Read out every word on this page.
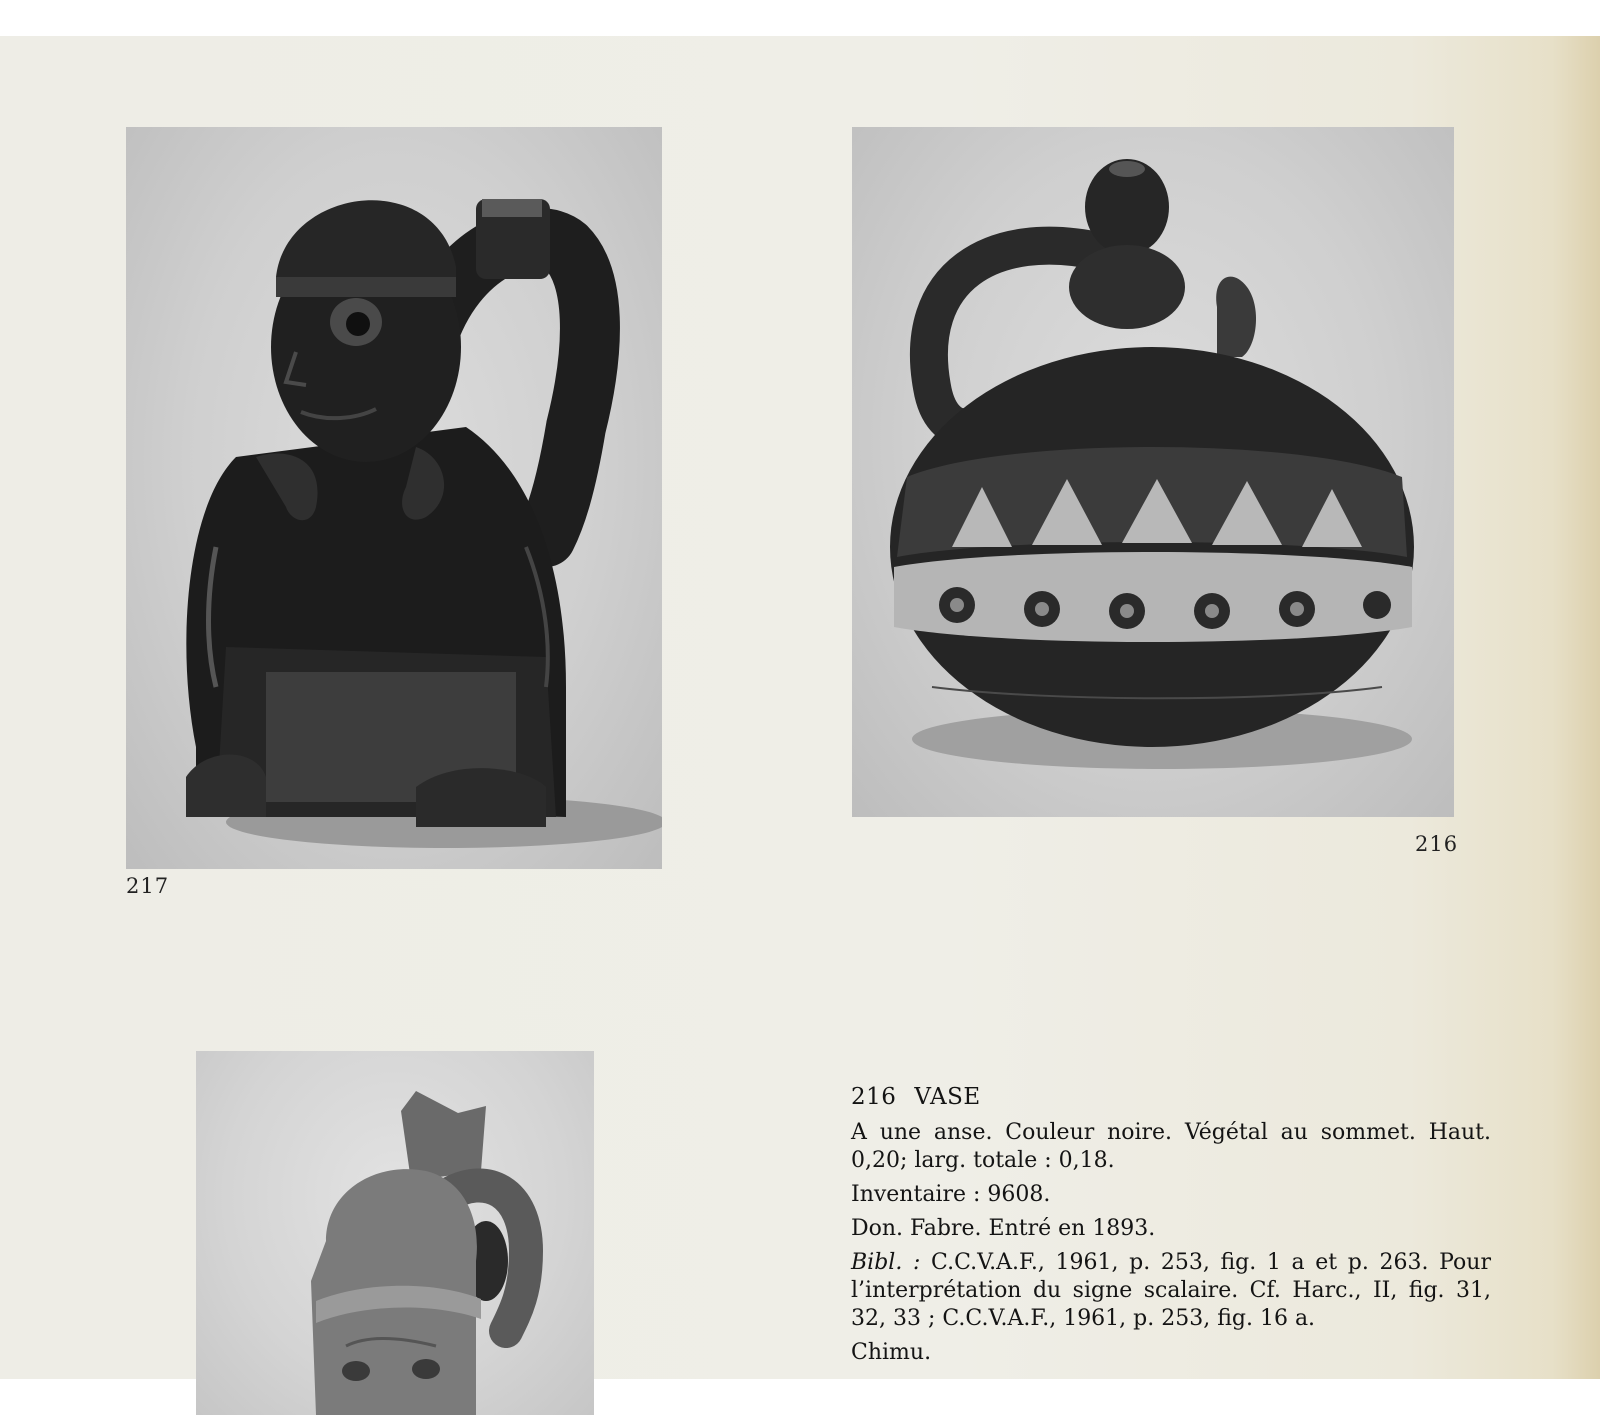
217
216

216 VASE

A une anse. Couleur noire. Végétal au sommet. Haut. 0,20; larg. totale : 0,18.

Inventaire : 9608.

Don. Fabre. Entré en 1893.

Bibl. : C.C.V.A.F., 1961, p. 253, fig. 1 a et p. 263. Pour l’interprétation du signe scalaire. Cf. Harc., II, fig. 31, 32, 33 ; C.C.V.A.F., 1961, p. 253, fig. 16 a.

Chimu.
